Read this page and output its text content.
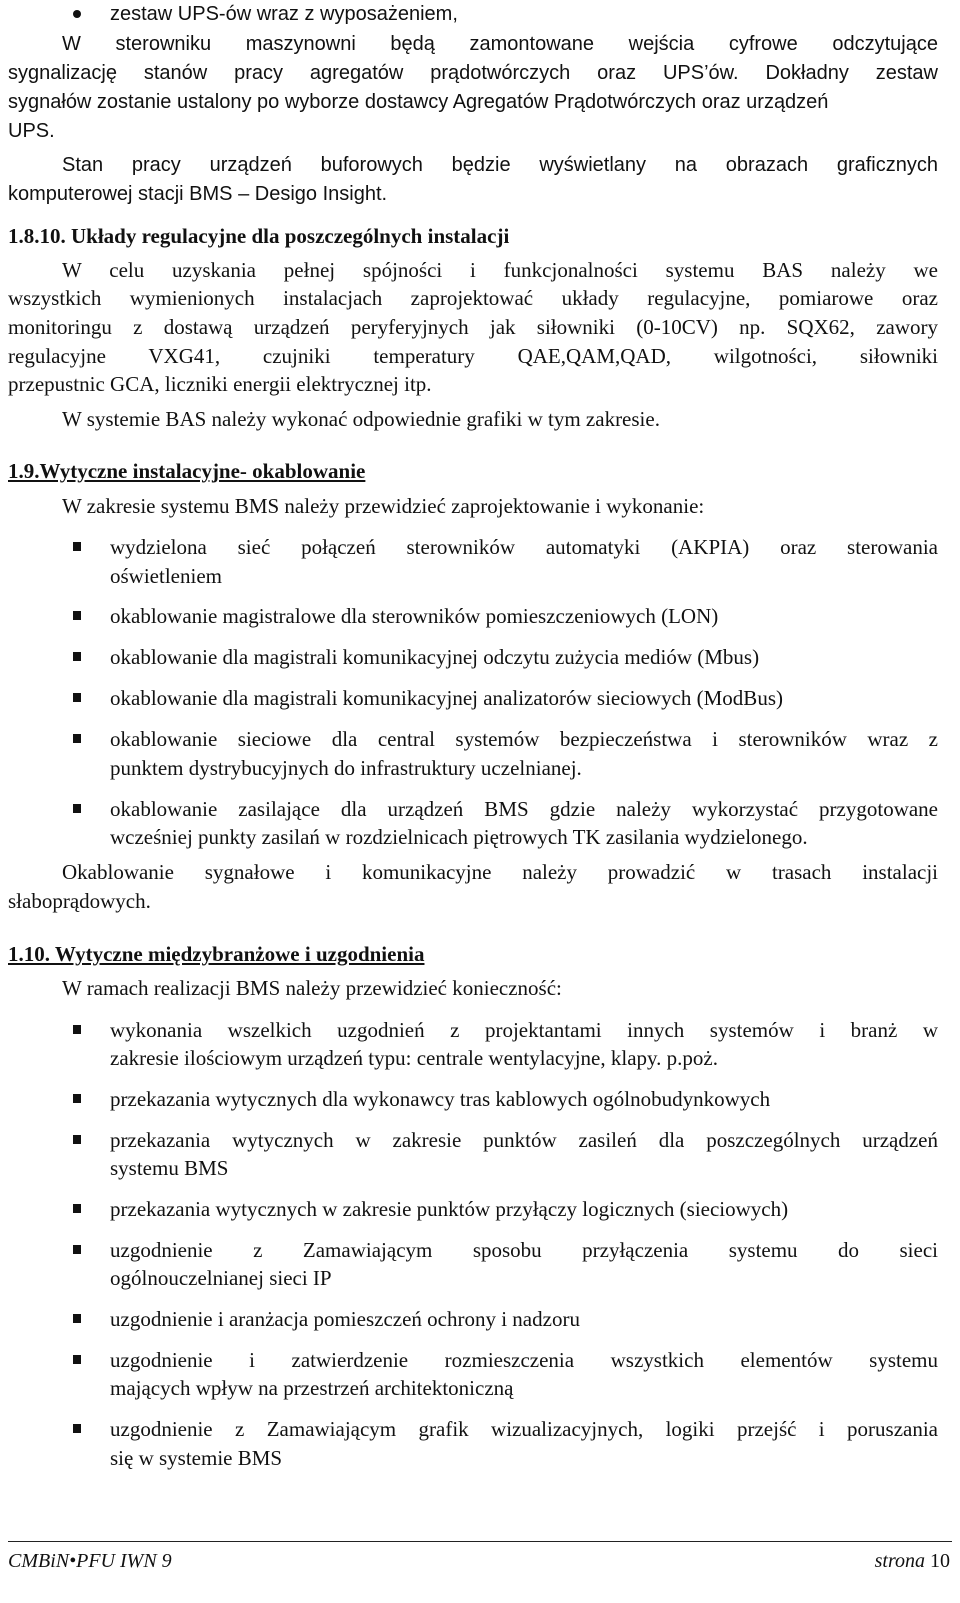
zestaw UPS-ów wraz z wyposażeniem,
W sterowniku maszynowni będą zamontowane wejścia cyfrowe odczytujące
sygnalizację stanów pracy agregatów prądotwórczych oraz UPS’ów. Dokładny zestaw
sygnałów zostanie ustalony po wyborze dostawcy Agregatów Prądotwórczych oraz urządzeń
UPS.
Stan pracy urządzeń buforowych będzie wyświetlany na obrazach graficznych
komputerowej stacji BMS – Desigo Insight.
1.8.10. Układy regulacyjne dla poszczególnych instalacji
W celu uzyskania pełnej spójności i funkcjonalności systemu BAS należy we
wszystkich wymienionych instalacjach zaprojektować układy regulacyjne, pomiarowe oraz
monitoringu z dostawą urządzeń peryferyjnych jak siłowniki (0-10CV) np. SQX62, zawory
regulacyjne VXG41, czujniki temperatury QAE,QAM,QAD, wilgotności, siłowniki
przepustnic GCA, liczniki energii elektrycznej itp.
W systemie BAS należy wykonać odpowiednie grafiki w tym zakresie.
1.9.Wytyczne instalacyjne- okablowanie
W zakresie systemu BMS należy przewidzieć zaprojektowanie i wykonanie:
wydzielona sieć połączeń sterowników automatyki (AKPIA) oraz sterowania
oświetleniem
okablowanie magistralowe dla sterowników pomieszczeniowych (LON)
okablowanie dla magistrali komunikacyjnej odczytu zużycia mediów (Mbus)
okablowanie dla magistrali komunikacyjnej analizatorów sieciowych (ModBus)
okablowanie sieciowe dla central systemów bezpieczeństwa i sterowników wraz z
punktem dystrybucyjnych do infrastruktury uczelnianej.
okablowanie zasilające dla urządzeń BMS gdzie należy wykorzystać przygotowane
wcześniej punkty zasilań w rozdzielnicach piętrowych TK zasilania wydzielonego.
Okablowanie sygnałowe i komunikacyjne należy prowadzić w trasach instalacji
słaboprądowych.
1.10. Wytyczne międzybranżowe i uzgodnienia
W ramach realizacji BMS należy przewidzieć konieczność:
wykonania wszelkich uzgodnień z projektantami innych systemów i branż w
zakresie ilościowym urządzeń typu: centrale wentylacyjne, klapy. p.poż.
przekazania wytycznych dla wykonawcy tras kablowych ogólnobudynkowych
przekazania wytycznych w zakresie punktów zasileń dla poszczególnych urządzeń
systemu BMS
przekazania wytycznych w zakresie punktów przyłączy logicznych (sieciowych)
uzgodnienie z Zamawiającym sposobu przyłączenia systemu do sieci
ogólnouczelnianej sieci IP
uzgodnienie i aranżacja pomieszczeń ochrony i nadzoru
uzgodnienie i zatwierdzenie rozmieszczenia wszystkich elementów systemu
mających wpływ na przestrzeń architektoniczną
uzgodnienie z Zamawiającym grafik wizualizacyjnych, logiki przejść i poruszania
się w systemie BMS
CMBiN•PFU IWN 9	strona 10
